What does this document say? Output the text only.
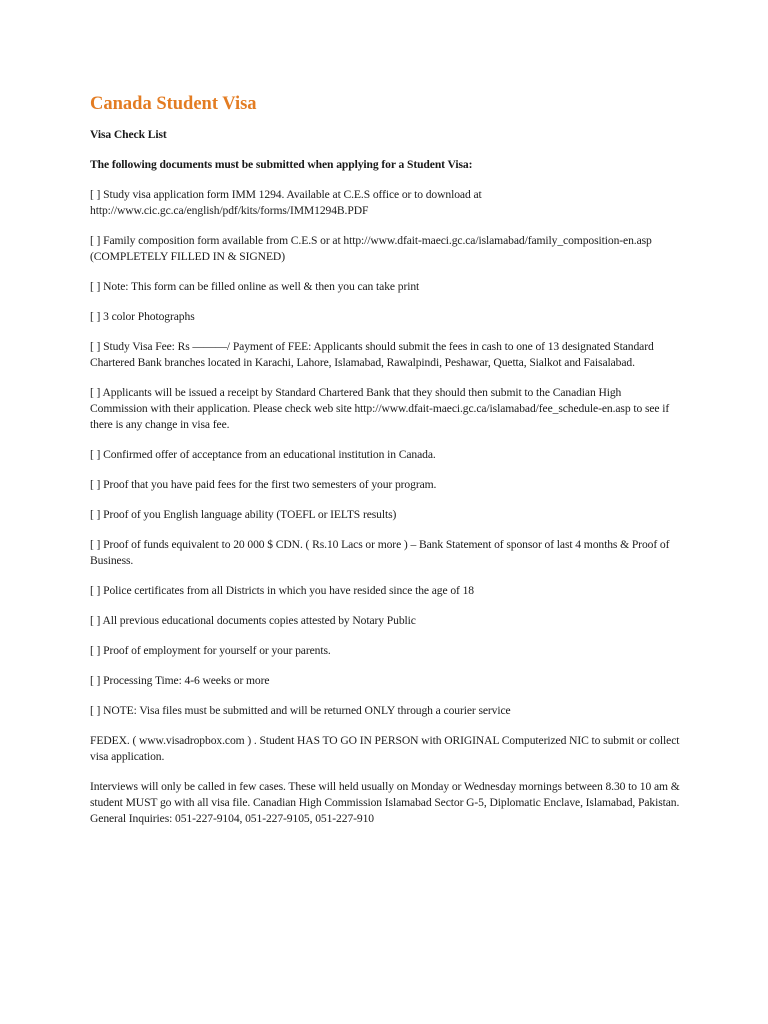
Canada Student Visa

Visa Check List

The following documents must be submitted when applying for a Student Visa:

[ ] Study visa application form IMM 1294. Available at C.E.S office or to download at
http://www.cic.gc.ca/english/pdf/kits/forms/IMM1294B.PDF

[ ] Family composition form available from C.E.S or at http://www.dfait-maeci.gc.ca/islamabad/family_composition-en.asp
(COMPLETELY FILLED IN & SIGNED)

[ ] Note: This form can be filled online as well & then you can take print

[ ] 3 color Photographs

[ ] Study Visa Fee: Rs ———/ Payment of FEE: Applicants should submit the fees in cash to one of 13 designated Standard
Chartered Bank branches located in Karachi, Lahore, Islamabad, Rawalpindi, Peshawar, Quetta, Sialkot and Faisalabad.

[ ] Applicants will be issued a receipt by Standard Chartered Bank that they should then submit to the Canadian High
Commission with their application. Please check web site http://www.dfait-maeci.gc.ca/islamabad/fee_schedule-en.asp to see if
there is any change in visa fee.

[ ] Confirmed offer of acceptance from an educational institution in Canada.

[ ] Proof that you have paid fees for the first two semesters of your program.

[ ] Proof of you English language ability (TOEFL or IELTS results)

[ ] Proof of funds equivalent to 20 000 $ CDN. ( Rs.10 Lacs or more ) – Bank Statement of sponsor of last 4 months & Proof of
Business.

[ ] Police certificates from all Districts in which you have resided since the age of 18

[ ] All previous educational documents copies attested by Notary Public

[ ] Proof of employment for yourself or your parents.

[ ] Processing Time: 4-6 weeks or more

[ ] NOTE: Visa files must be submitted and will be returned ONLY through a courier service

FEDEX. ( www.visadropbox.com ) . Student HAS TO GO IN PERSON with ORIGINAL Computerized NIC to submit or collect
visa application.

Interviews will only be called in few cases. These will held usually on Monday or Wednesday mornings between 8.30 to 10 am &
student MUST go with all visa file. Canadian High Commission Islamabad Sector G-5, Diplomatic Enclave, Islamabad, Pakistan.
General Inquiries: 051-227-9104, 051-227-9105, 051-227-910
